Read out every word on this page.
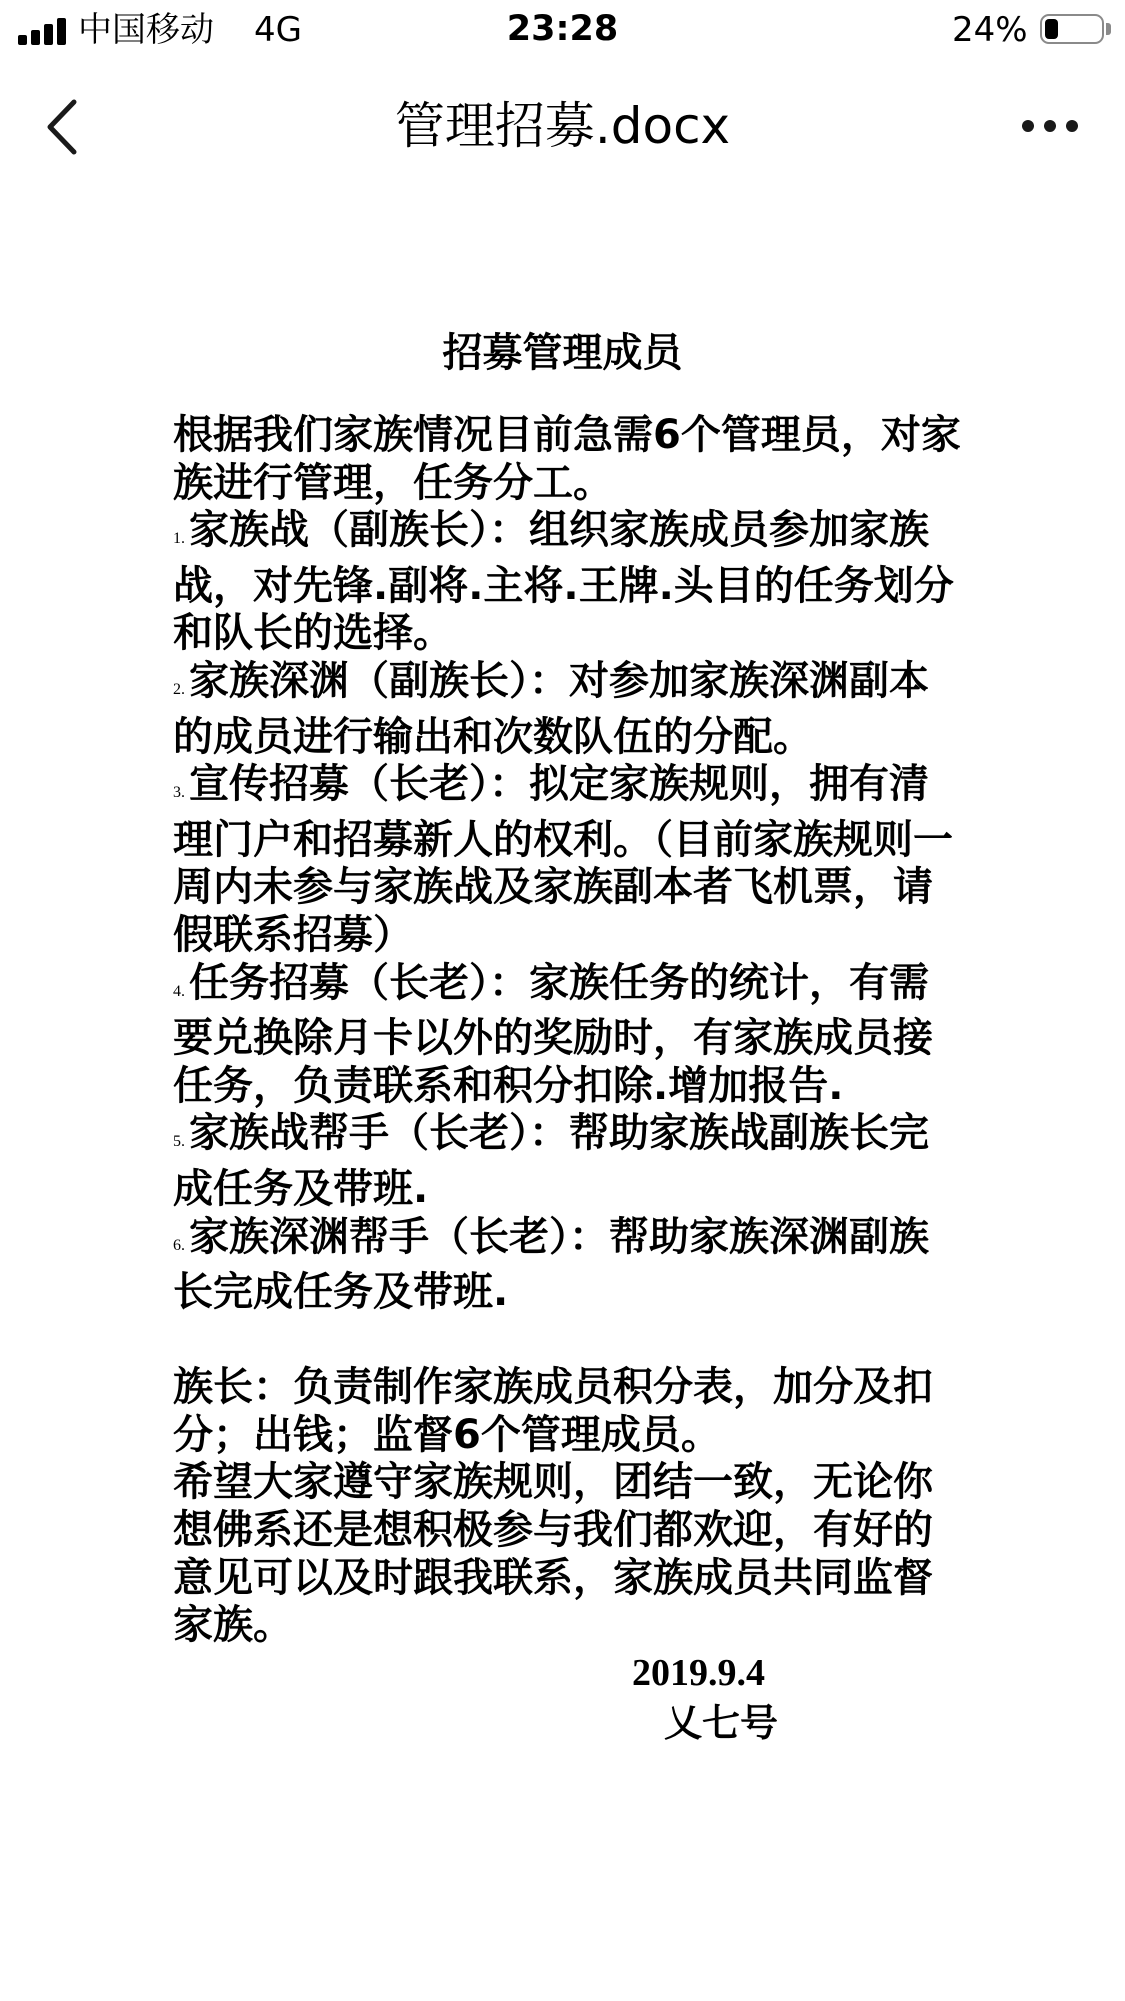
中国移动 4G	23:28	24%
管理招募.docx
招募管理成员

根据我们家族情况目前急需6个管理员，对家族进行管理，任务分工。

1. 家族战（副族长）：组织家族成员参加家族战，对先锋.副将.主将.王牌.头目的任务划分和队长的选择。

2. 家族深渊（副族长）：对参加家族深渊副本的成员进行输出和次数队伍的分配。

3. 宣传招募（长老）：拟定家族规则，拥有清理门户和招募新人的权利。（目前家族规则一周内未参与家族战及家族副本者飞机票，请假联系招募）

4. 任务招募（长老）：家族任务的统计，有需要兑换除月卡以外的奖励时，有家族成员接任务，负责联系和积分扣除.增加报告.

5. 家族战帮手（长老）：帮助家族战副族长完成任务及带班.

6. 家族深渊帮手（长老）：帮助家族深渊副族长完成任务及带班.

族长：负责制作家族成员积分表，加分及扣分；出钱；监督6个管理成员。

希望大家遵守家族规则，团结一致，无论你想佛系还是想积极参与我们都欢迎，有好的意见可以及时跟我联系，家族成员共同监督家族。

2019.9.4
乂七号
